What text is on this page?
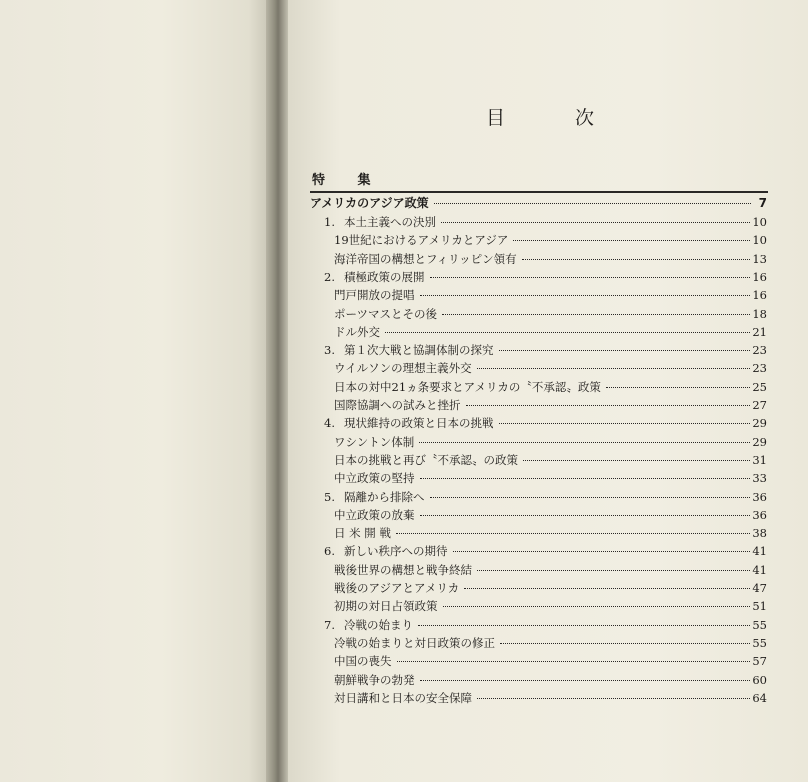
目	次
特 集
アメリカのアジア政策	7
1. 本土主義への決別	10
19世紀におけるアメリカとアジア	10
海洋帝国の構想とフィリッピン領有	13
2. 積極政策の展開	16
門戸開放の提唱	16
ポーツマスとその後	18
ドル外交	21
3. 第１次大戦と協調体制の探究	23
ウイルソンの理想主義外交	23
日本の対中21ヵ条要求とアメリカの〝不承認〟政策	25
国際協調への試みと挫折	27
4. 現状維持の政策と日本の挑戦	29
ワシントン体制	29
日本の挑戦と再び〝不承認〟の政策	31
中立政策の堅持	33
5. 隔離から排除へ	36
中立政策の放棄	36
日 米 開 戦	38
6. 新しい秩序への期待	41
戦後世界の構想と戦争終結	41
戦後のアジアとアメリカ	47
初期の対日占領政策	51
7. 冷戦の始まり	55
冷戦の始まりと対日政策の修正	55
中国の喪失	57
朝鮮戦争の勃発	60
対日講和と日本の安全保障	64
